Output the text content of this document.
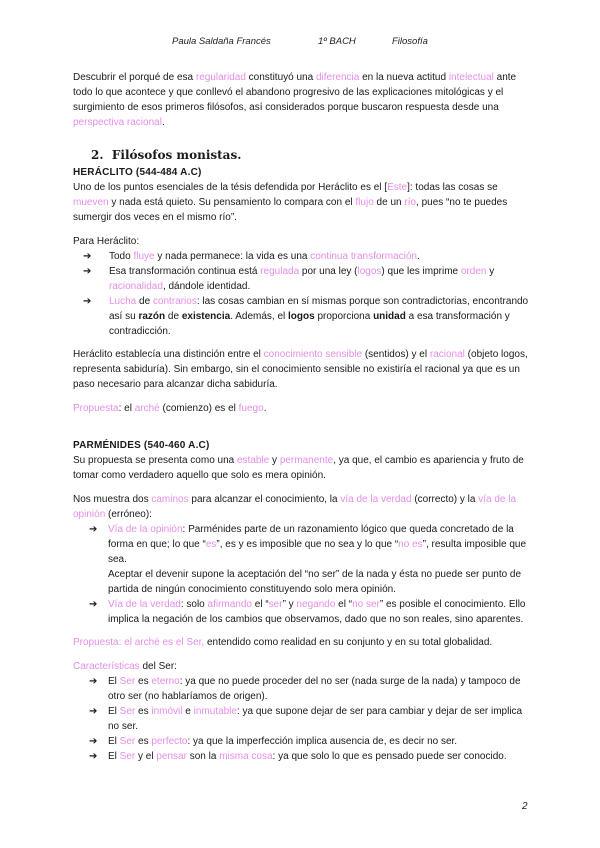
Paula Saldaña Francés	1º BACH	Filosofía

Descubrir el porqué de esa regularidad constituyó una diferencia en la nueva actitud intelectual ante todo lo que acontece y que conllevó el abandono progresivo de las explicaciones mitológicas y el surgimiento de esos primeros filósofos, así considerados porque buscaron respuesta desde una perspectiva racional.

2. Filósofos monistas.
HERÁCLITO (544-484 A.C)

Uno de los puntos esenciales de la tésis defendida por Heráclito es el [Este]: todas las cosas se mueven y nada está quieto. Su pensamiento lo compara con el flujo de un río, pues “no te puedes sumergir dos veces en el mismo río”.

Para Heráclito:

➔ Todo fluye y nada permanece: la vida es una continua transformación.
➔ Esa transformación continua está regulada por una ley (logos) que les imprime orden y racionalidad, dándole identidad.
➔ Lucha de contrarios: las cosas cambian en sí mismas porque son contradictorias, encontrando así su razón de existencia. Además, el logos proporciona unidad a esa transformación y contradicción.

Heráclito establecía una distinción entre el conocimiento sensible (sentidos) y el racional (objeto logos, representa sabiduría). Sin embargo, sin el conocimiento sensible no existiría el racional ya que es un paso necesario para alcanzar dicha sabiduría.

Propuesta: el arché (comienzo) es el fuego.

PARMÉNIDES (540-460 A.C)

Su propuesta se presenta como una estable y permanente, ya que, el cambio es apariencia y fruto de tomar como verdadero aquello que solo es mera opinión.

Nos muestra dos caminos para alcanzar el conocimiento, la vía de la verdad (correcto) y la vía de la opinión (erróneo):

➔ Vía de la opinión: Parménides parte de un razonamiento lógico que queda concretado de la forma en que; lo que “es”, es y es imposible que no sea y lo que “no es”, resulta imposible que sea.
Aceptar el devenir supone la aceptación del “no ser” de la nada y ésta no puede ser punto de partida de ningún conocimiento constituyendo solo mera opinión.
➔ Vía de la verdad: solo afirmando el “ser” y negando el “no ser” es posible el conocimiento. Ello implica la negación de los cambios que observamos, dado que no son reales, sino aparentes.

Propuesta: el arché es el Ser, entendido como realidad en su conjunto y en su total globalidad.

Características del Ser:

➔ El Ser es eterno: ya que no puede proceder del no ser (nada surge de la nada) y tampoco de otro ser (no hablaríamos de origen).
➔ El Ser es inmóvil e inmutable: ya que supone dejar de ser para cambiar y dejar de ser implica no ser.
➔ El Ser es perfecto: ya que la imperfección implica ausencia de, es decir no ser.
➔ El Ser y el pensar son la misma cosa: ya que solo lo que es pensado puede ser conocido.
2
